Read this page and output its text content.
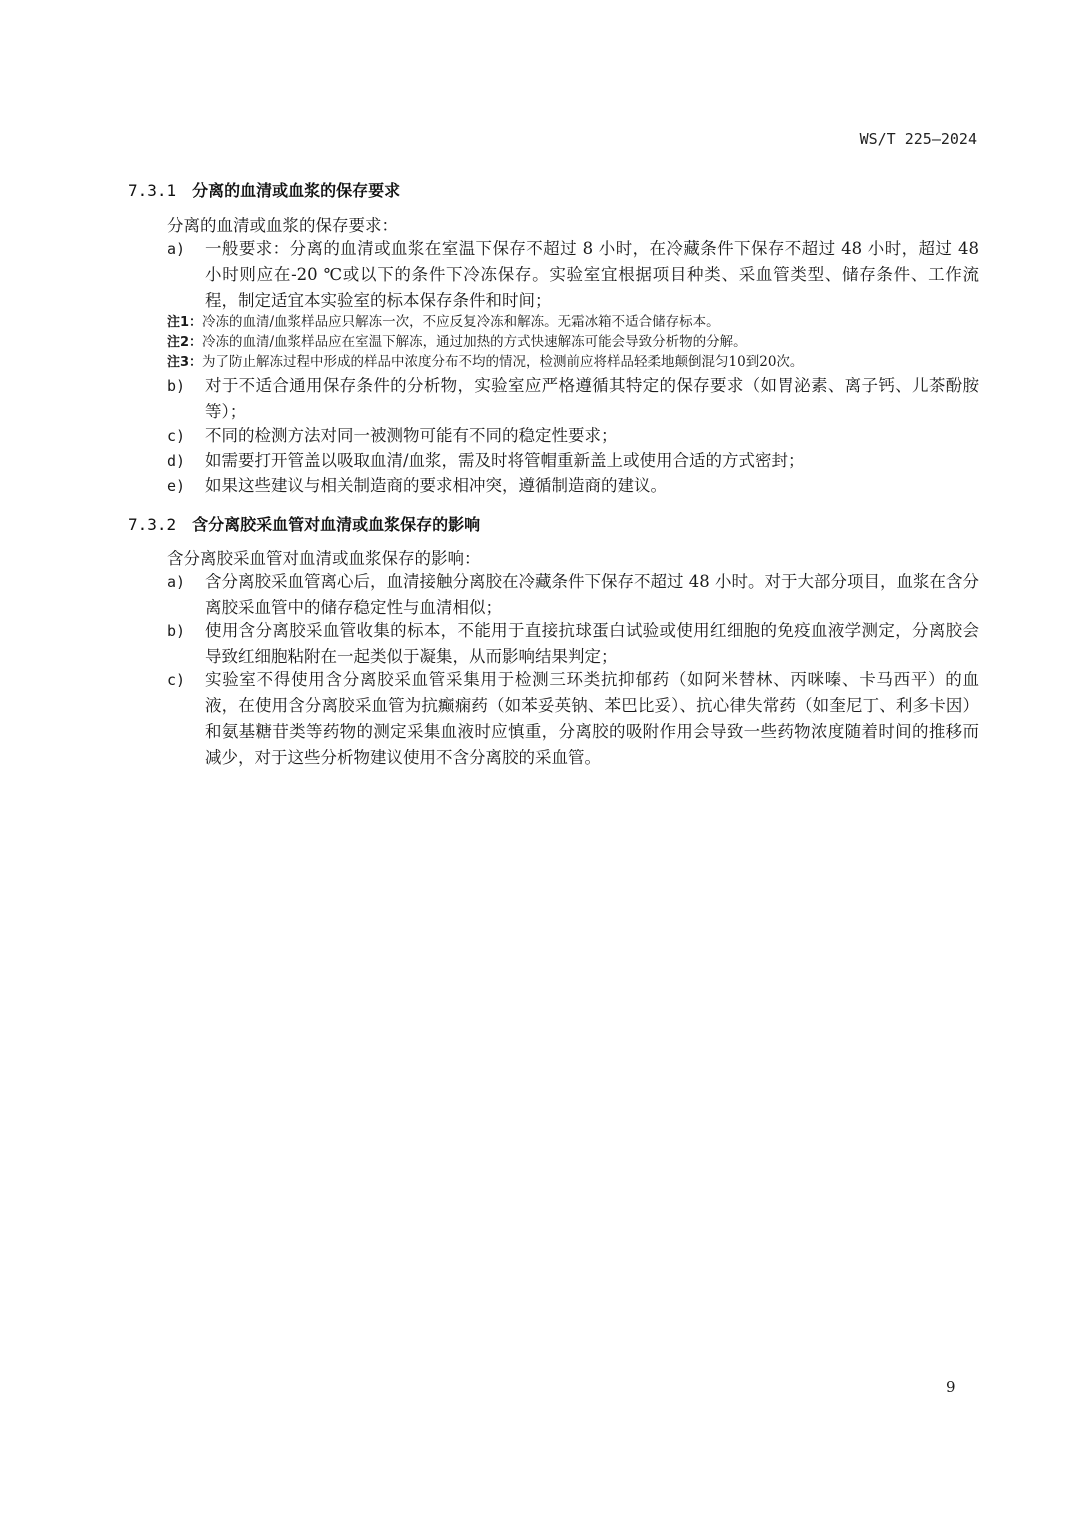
WS/T 225—2024
7.3.1 分离的血清或血浆的保存要求
分离的血清或血浆的保存要求：
a) 一般要求：分离的血清或血浆在室温下保存不超过 8 小时，在冷藏条件下保存不超过 48 小时，超过 48 小时则应在-20 ℃或以下的条件下冷冻保存。实验室宜根据项目种类、采血管类型、储存条件、工作流程，制定适宜本实验室的标本保存条件和时间；
注1：冷冻的血清/血浆样品应只解冻一次，不应反复冷冻和解冻。无霜冰箱不适合储存标本。
注2：冷冻的血清/血浆样品应在室温下解冻，通过加热的方式快速解冻可能会导致分析物的分解。
注3：为了防止解冻过程中形成的样品中浓度分布不均的情况，检测前应将样品轻柔地颠倒混匀10到20次。
b) 对于不适合通用保存条件的分析物，实验室应严格遵循其特定的保存要求（如胃泌素、离子钙、儿茶酚胺等）；
c) 不同的检测方法对同一被测物可能有不同的稳定性要求；
d) 如需要打开管盖以吸取血清/血浆，需及时将管帽重新盖上或使用合适的方式密封；
e) 如果这些建议与相关制造商的要求相冲突，遵循制造商的建议。
7.3.2 含分离胶采血管对血清或血浆保存的影响
含分离胶采血管对血清或血浆保存的影响：
a) 含分离胶采血管离心后，血清接触分离胶在冷藏条件下保存不超过 48 小时。对于大部分项目，血浆在含分离胶采血管中的储存稳定性与血清相似；
b) 使用含分离胶采血管收集的标本，不能用于直接抗球蛋白试验或使用红细胞的免疫血液学测定，分离胶会导致红细胞粘附在一起类似于凝集，从而影响结果判定；
c) 实验室不得使用含分离胶采血管采集用于检测三环类抗抑郁药（如阿米替林、丙咪嗪、卡马西平）的血液，在使用含分离胶采血管为抗癫痫药（如苯妥英钠、苯巴比妥）、抗心律失常药（如奎尼丁、利多卡因）和氨基糖苷类等药物的测定采集血液时应慎重，分离胶的吸附作用会导致一些药物浓度随着时间的推移而减少，对于这些分析物建议使用不含分离胶的采血管。
9
